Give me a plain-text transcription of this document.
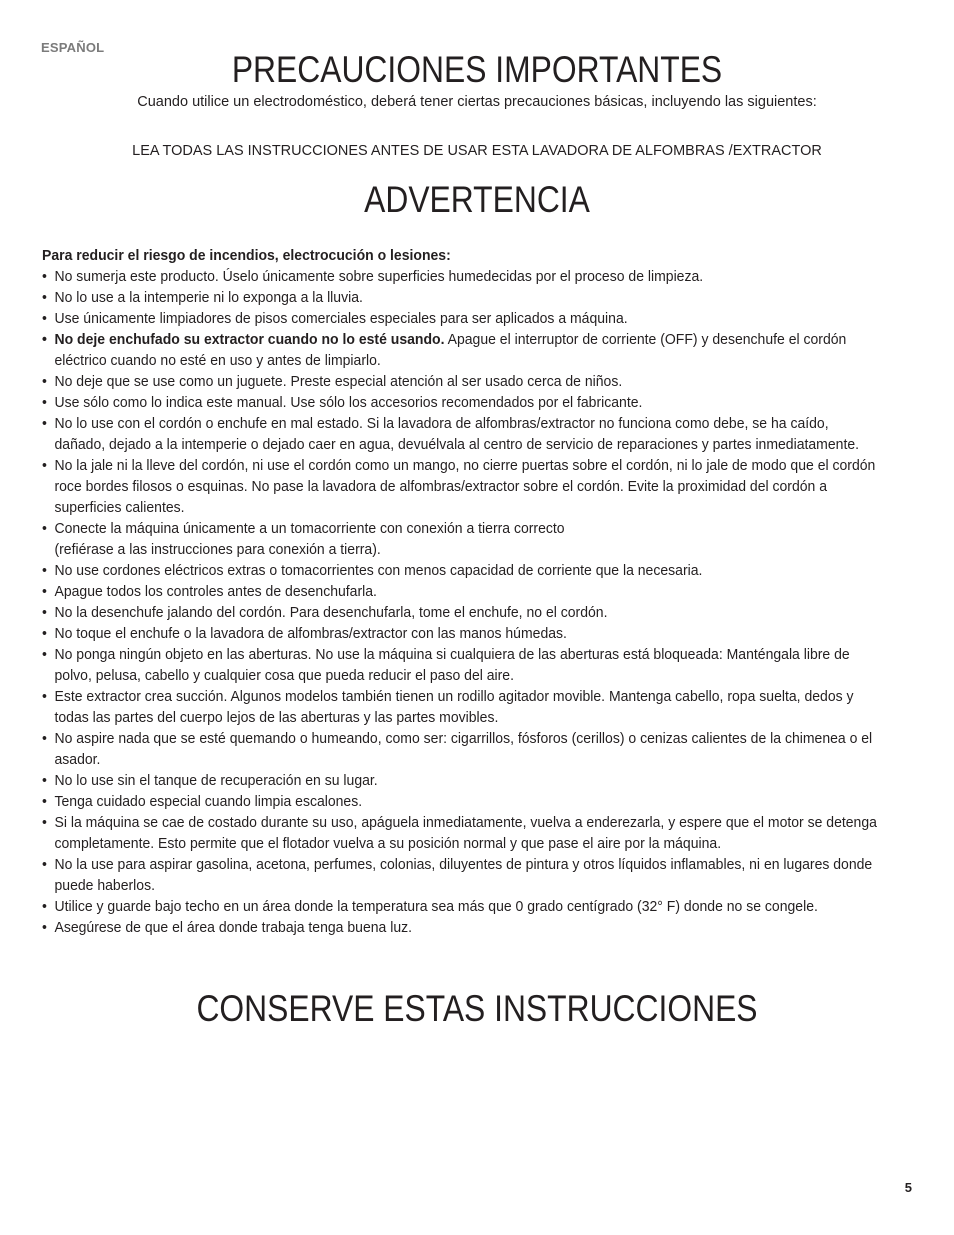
ESPAÑOL
PRECAUCIONES IMPORTANTES
Cuando utilice un electrodoméstico, deberá tener ciertas precauciones básicas, incluyendo las siguientes:
LEA TODAS LAS INSTRUCCIONES ANTES DE USAR ESTA LAVADORA DE ALFOMBRAS /EXTRACTOR
ADVERTENCIA

Para reducir el riesgo de incendios, electrocución o lesiones:

• No sumerja este producto. Úselo únicamente sobre superficies humedecidas por el proceso de limpieza.
• No lo use a la intemperie ni lo exponga a la lluvia.
• Use únicamente limpiadores de pisos comerciales especiales para ser aplicados a máquina.
• No deje enchufado su extractor cuando no lo esté usando. Apague el interruptor de corriente (OFF) y desenchufe el cordón eléctrico cuando no esté en uso y antes de limpiarlo.
• No deje que se use como un juguete. Preste especial atención al ser usado cerca de niños.
• Use sólo como lo indica este manual. Use sólo los accesorios recomendados por el fabricante.
• No lo use con el cordón o enchufe en mal estado. Si la lavadora de alfombras/extractor no funciona como debe, se ha caído, dañado, dejado a la intemperie o dejado caer en agua, devuélvala al centro de servicio de reparaciones y partes inmediatamente.
• No la jale ni la lleve del cordón, ni use el cordón como un mango, no cierre puertas sobre el cordón, ni lo jale de modo que el cordón roce bordes filosos o esquinas. No pase la lavadora de alfombras/extractor sobre el cordón. Evite la proximidad del cordón a superficies calientes.
• Conecte la máquina únicamente a un tomacorriente con conexión a tierra correcto
(refiérase a las instrucciones para conexión a tierra).
• No use cordones eléctricos extras o tomacorrientes con menos capacidad de corriente que la necesaria.
• Apague todos los controles antes de desenchufarla.
• No la desenchufe jalando del cordón. Para desenchufarla, tome el enchufe, no el cordón.
• No toque el enchufe o la lavadora de alfombras/extractor con las manos húmedas.
• No ponga ningún objeto en las aberturas. No use la máquina si cualquiera de las aberturas está bloqueada: Manténgala libre de polvo, pelusa, cabello y cualquier cosa que pueda reducir el paso del aire.
• Este extractor crea succión. Algunos modelos también tienen un rodillo agitador movible. Mantenga cabello, ropa suelta, dedos y todas las partes del cuerpo lejos de las aberturas y las partes movibles.
• No aspire nada que se esté quemando o humeando, como ser: cigarrillos, fósforos (cerillos) o cenizas calientes de la chimenea o el asador.
• No lo use sin el tanque de recuperación en su lugar.
• Tenga cuidado especial cuando limpia escalones.
• Si la máquina se cae de costado durante su uso, apáguela inmediatamente, vuelva a enderezarla, y espere que el motor se detenga completamente. Esto permite que el flotador vuelva a su posición normal y que pase el aire por la máquina.
• No la use para aspirar gasolina, acetona, perfumes, colonias, diluyentes de pintura y otros líquidos inflamables, ni en lugares donde puede haberlos.
• Utilice y guarde bajo techo en un área donde la temperatura sea más que 0 grado centígrado (32° F) donde no se congele.
• Asegúrese de que el área donde trabaja tenga buena luz.
CONSERVE ESTAS INSTRUCCIONES
5
